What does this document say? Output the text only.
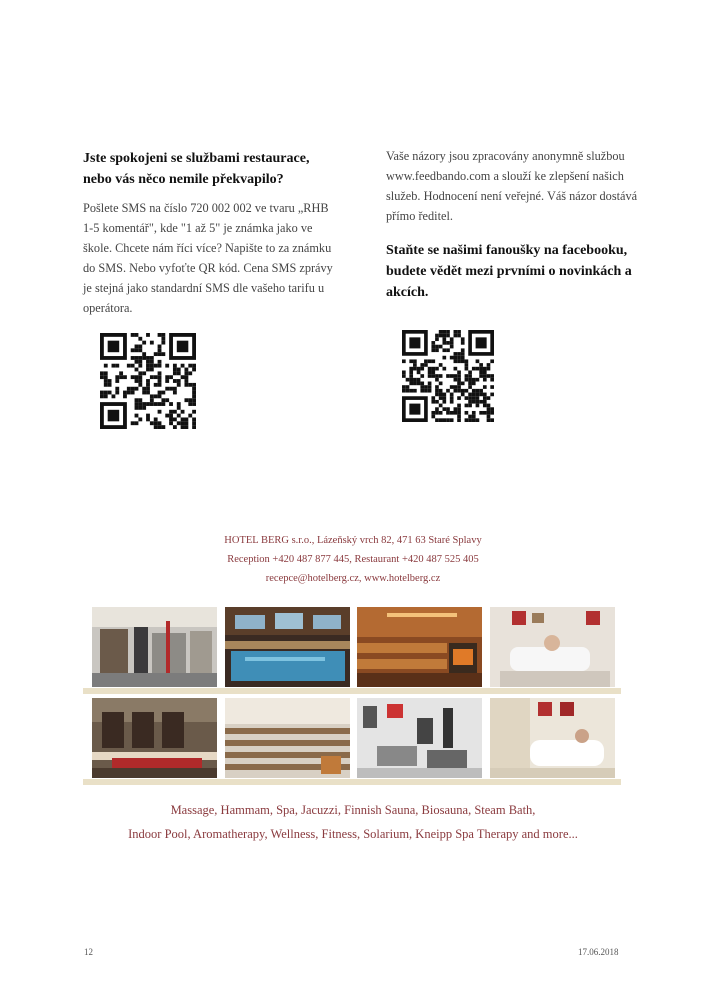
Jste spokojeni se službami restaurace,
nebo vás něco nemile překvapilo?
Pošlete SMS na číslo 720 002 002 ve tvaru „RHB
1-5 komentář", kde "1 až 5" je známka jako ve
škole. Chcete nám říci více? Napište to za známku
do SMS. Nebo vyfoťte QR kód. Cena SMS zprávy
je stejná jako standardní SMS dle vašeho tarifu u
operátora.
Vaše názory jsou zpracovány anonymně službou
www.feedbando.com a slouží ke zlepšení našich
služeb. Hodnocení není veřejné. Váš názor dostává
přímo ředitel.
Staňte se našimi fanoušky na facebooku,
budete vědět mezi prvními o novinkách a
akcích.
HOTEL BERG s.r.o., Lázeňský vrch 82, 471 63 Staré Splavy
Reception +420 487 877 445, Restaurant +420 487 525 405
recepce@hotelberg.cz, www.hotelberg.cz
Massage, Hammam, Spa, Jacuzzi, Finnish Sauna, Biosauna, Steam Bath,
Indoor Pool, Aromatherapy, Wellness, Fitness, Solarium, Kneipp Spa Therapy and more...
12	17.06.2018
